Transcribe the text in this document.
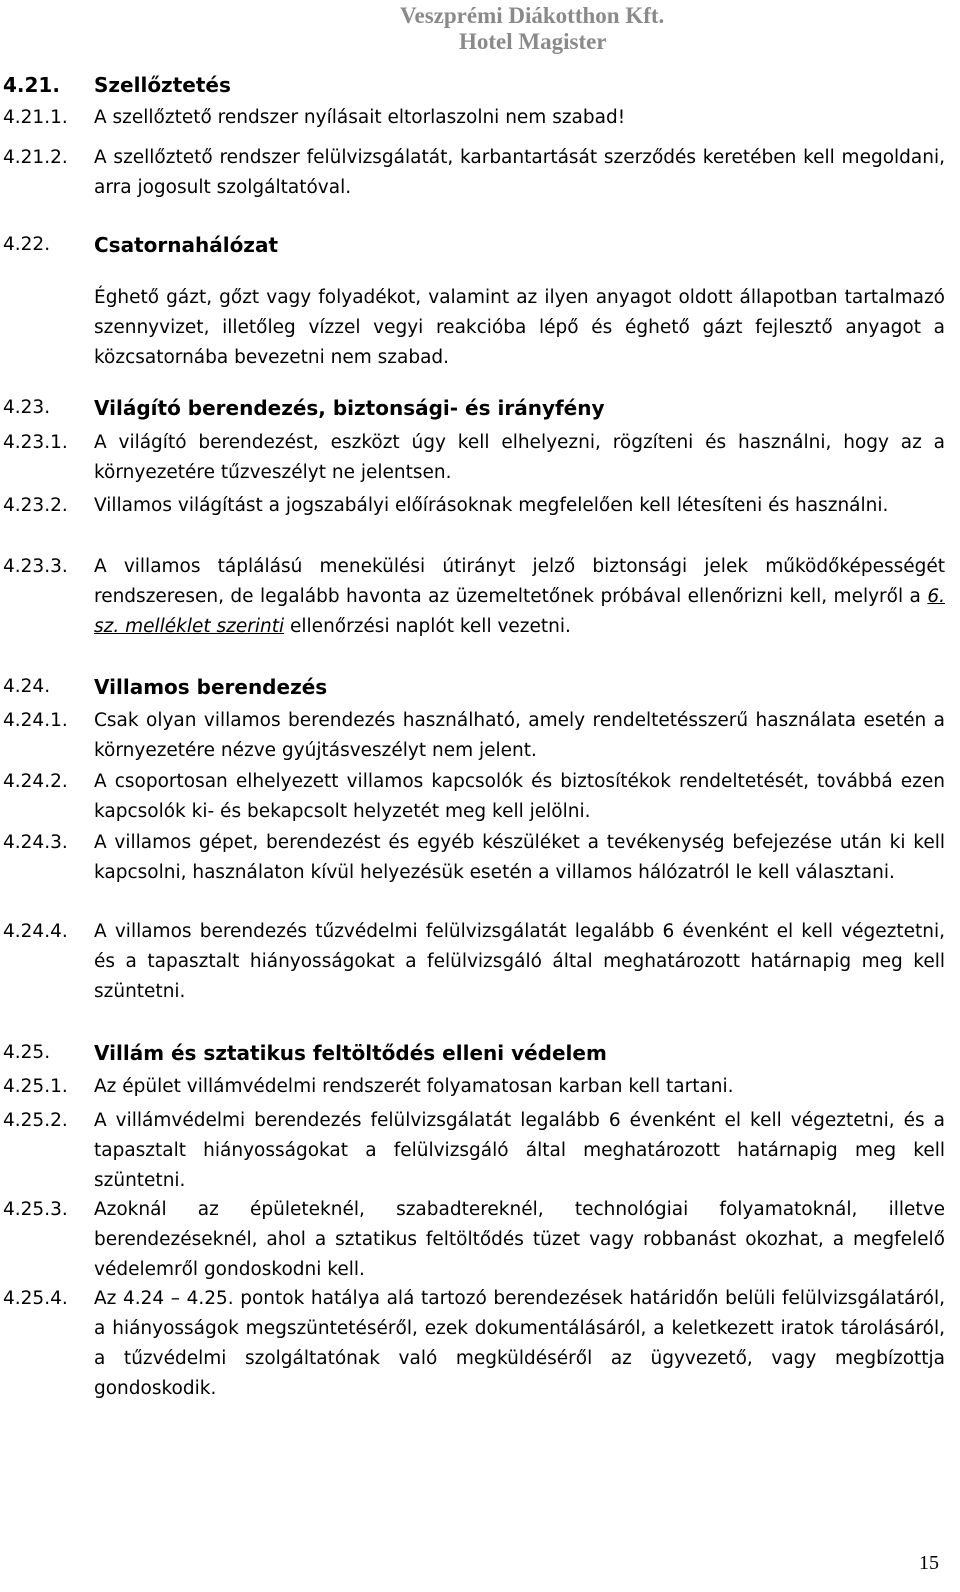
Veszprémi Diákotthon Kft.
Hotel Magister
4.21. Szellőztetés
4.21.1. A szellőztető rendszer nyílásait eltorlaszolni nem szabad!
4.21.2. A szellőztető rendszer felülvizsgálatát, karbantartását szerződés keretében kell megoldani, arra jogosult szolgáltatóval.
4.22. Csatornahálózat
Éghető gázt, gőzt vagy folyadékot, valamint az ilyen anyagot oldott állapotban tartalmazó szennyvizet, illetőleg vízzel vegyi reakcióba lépő és éghető gázt fejlesztő anyagot a közcsatornába bevezetni nem szabad.
4.23. Világító berendezés, biztonsági- és irányfény
4.23.1. A világító berendezést, eszközt úgy kell elhelyezni, rögzíteni és használni, hogy az a környezetére tűzveszélyt ne jelentsen.
4.23.2. Villamos világítást a jogszabályi előírásoknak megfelelően kell létesíteni és használni.
4.23.3. A villamos táplálású menekülési útirányt jelző biztonsági jelek működőképességét rendszeresen, de legalább havonta az üzemeltetőnek próbával ellenőrizni kell, melyről a 6. sz. melléklet szerinti ellenőrzési naplót kell vezetni.
4.24. Villamos berendezés
4.24.1. Csak olyan villamos berendezés használható, amely rendeltetésszerű használata esetén a környezetére nézve gyújtásveszélyt nem jelent.
4.24.2. A csoportosan elhelyezett villamos kapcsolók és biztosítékok rendeltetését, továbbá ezen kapcsolók ki- és bekapcsolt helyzetét meg kell jelölni.
4.24.3. A villamos gépet, berendezést és egyéb készüléket a tevékenység befejezése után ki kell kapcsolni, használaton kívül helyezésük esetén a villamos hálózatról le kell választani.
4.24.4. A villamos berendezés tűzvédelmi felülvizsgálatát legalább 6 évenként el kell végeztetni, és a tapasztalt hiányosságokat a felülvizsgáló által meghatározott határnapig meg kell szüntetni.
4.25. Villám és sztatikus feltöltődés elleni védelem
4.25.1. Az épület villámvédelmi rendszerét folyamatosan karban kell tartani.
4.25.2. A villámvédelmi berendezés felülvizsgálatát legalább 6 évenként el kell végeztetni, és a tapasztalt hiányosságokat a felülvizsgáló által meghatározott határnapig meg kell szüntetni.
4.25.3. Azoknál az épületeknél, szabadtereknél, technológiai folyamatoknál, illetve berendezéseknél, ahol a sztatikus feltöltődés tüzet vagy robbanást okozhat, a megfelelő védelemről gondoskodni kell.
4.25.4. Az 4.24 – 4.25. pontok hatálya alá tartozó berendezések határidőn belüli felülvizsgálatáról, a hiányosságok megszüntetéséről, ezek dokumentálásáról, a keletkezett iratok tárolásáról, a tűzvédelmi szolgáltatónak való megküldéséről az ügyvezető, vagy megbízottja gondoskodik.
15
